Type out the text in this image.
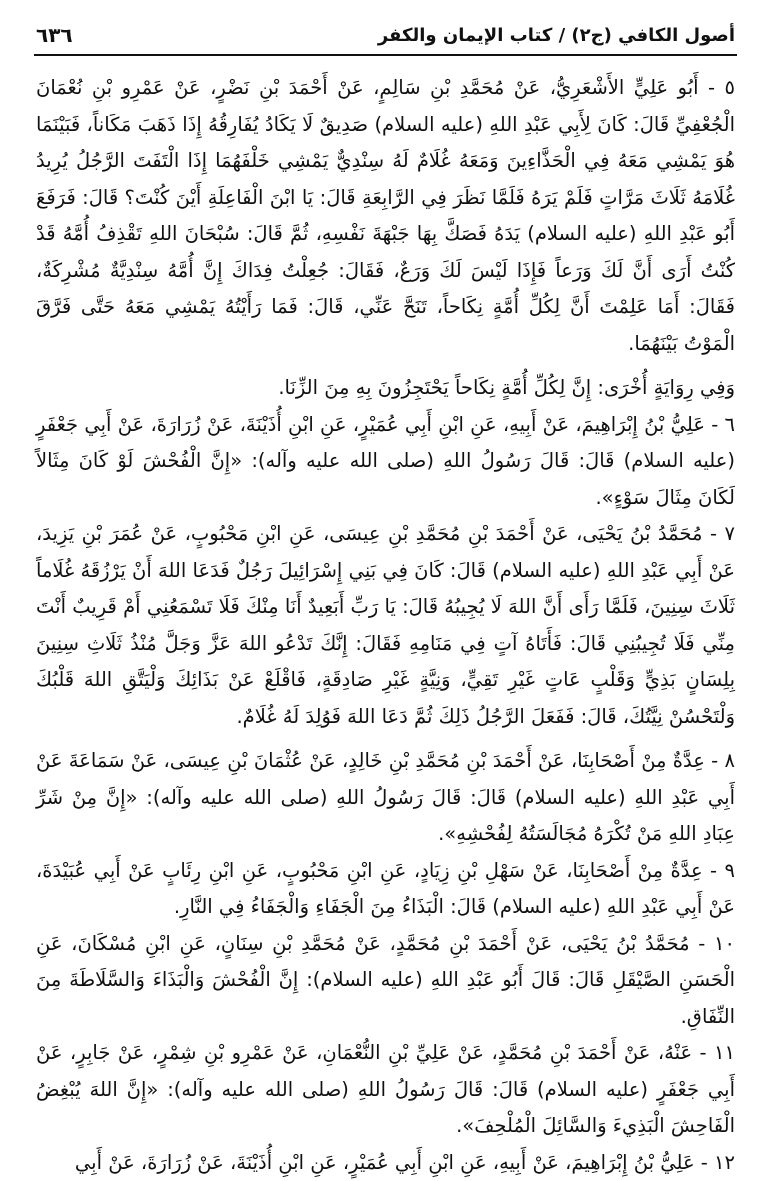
٦٣٦	أصول الكافي (ج٢) / كتاب الإيمان والكفر

٥ - أَبُو عَلِيٍّ الأَشْعَرِيُّ، عَنْ مُحَمَّدِ بْنِ سَالِمٍ، عَنْ أَحْمَدَ بْنِ نَضْرٍ، عَنْ عَمْرِو بْنِ نُعْمَانَ الْجُعْفِيِّ قَالَ: كَانَ لِأَبِي عَبْدِ اللهِ (عليه السلام) صَدِيقٌ لَا يَكَادُ يُفَارِقُهُ إِذَا ذَهَبَ مَكَاناً، فَبَيْنَمَا هُوَ يَمْشِي مَعَهُ فِي الْحَذَّاءِينَ وَمَعَهُ غُلَامٌ لَهُ سِنْدِيٌّ يَمْشِي خَلْفَهُمَا إِذَا الْتَفَتَ الرَّجُلُ يُرِيدُ غُلَامَهُ ثَلَاثَ مَرَّاتٍ فَلَمْ يَرَهُ فَلَمَّا نَظَرَ فِي الرَّابِعَةِ قَالَ: يَا ابْنَ الْفَاعِلَةِ أَيْنَ كُنْتَ؟ قَالَ: فَرَفَعَ أَبُو عَبْدِ اللهِ (عليه السلام) يَدَهُ فَصَكَّ بِهَا جَبْهَةَ نَفْسِهِ، ثُمَّ قَالَ: سُبْحَانَ اللهِ تَقْذِفُ أُمَّهُ قَدْ كُنْتُ أَرَى أَنَّ لَكَ وَرَعاً فَإِذَا لَيْسَ لَكَ وَرَعٌ، فَقَالَ: جُعِلْتُ فِدَاكَ إِنَّ أُمَّهُ سِنْدِيَّةٌ مُشْرِكَةٌ، فَقَالَ: أَمَا عَلِمْتَ أَنَّ لِكُلِّ أُمَّةٍ نِكَاحاً، تَنَحَّ عَنِّي، قَالَ: فَمَا رَأَيْتُهُ يَمْشِي مَعَهُ حَتَّى فَرَّقَ الْمَوْتُ بَيْنَهُمَا.

وَفِي رِوَايَةٍ أُخْرَى: إِنَّ لِكُلِّ أُمَّةٍ نِكَاحاً يَحْتَجِزُونَ بِهِ مِنَ الزِّنَا.

٦ - عَلِيُّ بْنُ إِبْرَاهِيمَ، عَنْ أَبِيهِ، عَنِ ابْنِ أَبِي عُمَيْرٍ، عَنِ ابْنِ أُذَيْنَةَ، عَنْ زُرَارَةَ، عَنْ أَبِي جَعْفَرٍ (عليه السلام) قَالَ: قَالَ رَسُولُ اللهِ (صلى الله عليه وآله): «إِنَّ الْفُحْشَ لَوْ كَانَ مِثَالاً لَكَانَ مِثَالَ سَوْءٍ».

٧ - مُحَمَّدُ بْنُ يَحْيَى، عَنْ أَحْمَدَ بْنِ مُحَمَّدِ بْنِ عِيسَى، عَنِ ابْنِ مَحْبُوبٍ، عَنْ عُمَرَ بْنِ يَزِيدَ، عَنْ أَبِي عَبْدِ اللهِ (عليه السلام) قَالَ: كَانَ فِي بَنِي إِسْرَائِيلَ رَجُلٌ فَدَعَا اللهَ أَنْ يَرْزُقَهُ غُلَاماً ثَلَاثَ سِنِينَ، فَلَمَّا رَأَى أَنَّ اللهَ لَا يُجِيبُهُ قَالَ: يَا رَبِّ أَبَعِيدٌ أَنَا مِنْكَ فَلَا تَسْمَعُنِي أَمْ قَرِيبٌ أَنْتَ مِنِّي فَلَا تُجِيبُنِي قَالَ: فَأَتَاهُ آتٍ فِي مَنَامِهِ فَقَالَ: إِنَّكَ تَدْعُو اللهَ عَزَّ وَجَلَّ مُنْذُ ثَلَاثِ سِنِينَ بِلِسَانٍ بَذِيٍّ وَقَلْبٍ عَاتٍ غَيْرِ تَقِيٍّ، وَنِيَّةٍ غَيْرِ صَادِقَةٍ، فَاقْلَعْ عَنْ بَذَائِكَ وَلْيَتَّقِ اللهَ قَلْبُكَ وَلْتَحْسُنْ نِيَّتُكَ، قَالَ: فَفَعَلَ الرَّجُلُ ذَلِكَ ثُمَّ دَعَا اللهَ فَوُلِدَ لَهُ غُلَامٌ.

٨ - عِدَّةٌ مِنْ أَصْحَابِنَا، عَنْ أَحْمَدَ بْنِ مُحَمَّدِ بْنِ خَالِدٍ، عَنْ عُثْمَانَ بْنِ عِيسَى، عَنْ سَمَاعَةَ عَنْ أَبِي عَبْدِ اللهِ (عليه السلام) قَالَ: قَالَ رَسُولُ اللهِ (صلى الله عليه وآله): «إِنَّ مِنْ شَرِّ عِبَادِ اللهِ مَنْ تُكْرَهُ مُجَالَسَتُهُ لِفُحْشِهِ».

٩ - عِدَّةٌ مِنْ أَصْحَابِنَا، عَنْ سَهْلِ بْنِ زِيَادٍ، عَنِ ابْنِ مَحْبُوبٍ، عَنِ ابْنِ رِئَابٍ عَنْ أَبِي عُبَيْدَةَ، عَنْ أَبِي عَبْدِ اللهِ (عليه السلام) قَالَ: الْبَذَاءُ مِنَ الْجَفَاءِ وَالْجَفَاءُ فِي النَّارِ.

١٠ - مُحَمَّدُ بْنُ يَحْيَى، عَنْ أَحْمَدَ بْنِ مُحَمَّدٍ، عَنْ مُحَمَّدِ بْنِ سِنَانٍ، عَنِ ابْنِ مُسْكَانَ، عَنِ الْحَسَنِ الصَّيْقَلِ قَالَ: قَالَ أَبُو عَبْدِ اللهِ (عليه السلام): إِنَّ الْفُحْشَ وَالْبَذَاءَ وَالسَّلَاطَةَ مِنَ النِّفَاقِ.

١١ - عَنْهُ، عَنْ أَحْمَدَ بْنِ مُحَمَّدٍ، عَنْ عَلِيِّ بْنِ النُّعْمَانِ، عَنْ عَمْرِو بْنِ شِمْرٍ، عَنْ جَابِرٍ، عَنْ أَبِي جَعْفَرٍ (عليه السلام) قَالَ: قَالَ رَسُولُ اللهِ (صلى الله عليه وآله): «إِنَّ اللهَ يُبْغِضُ الْفَاحِشَ الْبَذِيءَ وَالسَّائِلَ الْمُلْحِفَ».

١٢ - عَلِيُّ بْنُ إِبْرَاهِيمَ، عَنْ أَبِيهِ، عَنِ ابْنِ أَبِي عُمَيْرٍ، عَنِ ابْنِ أُذَيْنَةَ، عَنْ زُرَارَةَ، عَنْ أَبِي
